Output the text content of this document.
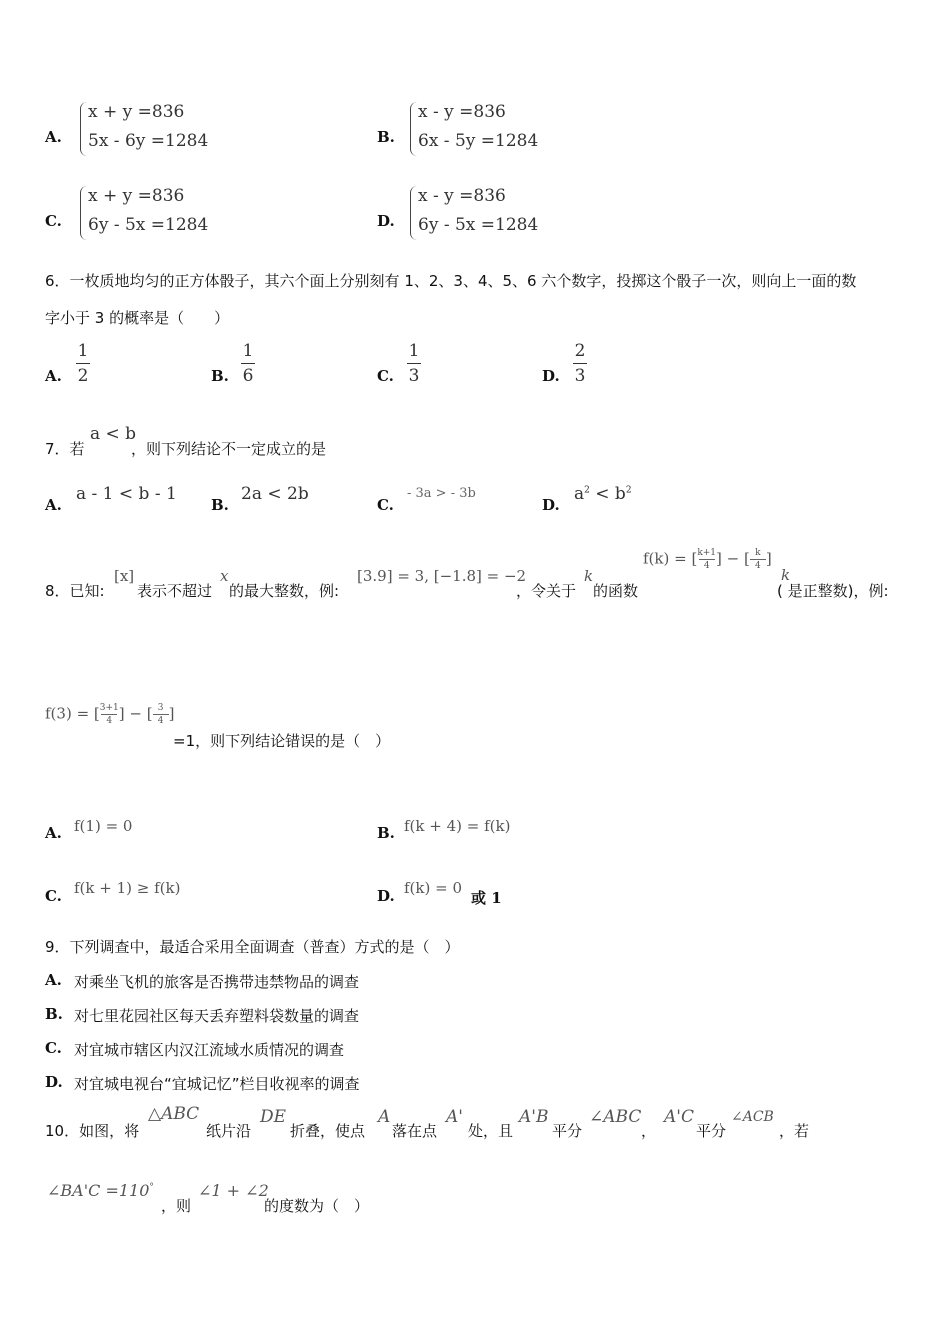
A.
x + y =836
5x - 6y =1284	B.
x - y =836
6x - 5y =1284
C.
x + y =836
6y - 5x =1284	D.
x - y =836
6y - 5x =1284
6．一枚质地均匀的正方体骰子，其六个面上分别刻有 1、2、3、4、5、6 六个数字，投掷这个骰子一次，则向上一面的数
字小于 3 的概率是（　　）
A.
1
2	B.
1
6	C.
1
3	D.
2
3
7．若
a < b
，则下列结论不一定成立的是
A.
a - 1 < b - 1
B.
2a < 2b
C.
- 3a > - 3b
D.
$a^2 < b^2$
8．已知:
[x]
表示不超过
x
的最大整数，例:
[3.9] = 3, [−1.8] = −2
，令关于
k
的函数
f(k) = [ $\frac{k+1}{4}$ ] − [ $\frac{k}{4}$ ]
k
( 是正整数)，例:
f(3) = [ $\frac{3+1}{4}$ ] − [ $\frac{3}{4}$ ]
=1，则下列结论错误的是（　）
A. f(1) = 0	B. f(k + 4) = f(k)
C. f(k + 1) ≥ f(k)	D. f(k) = 0
或 1
9．下列调查中，最适合采用全面调查（普查）方式的是（　）
A. 对乘坐飞机的旅客是否携带违禁物品的调查
B. 对七里花园社区每天丢弃塑料袋数量的调查
C. 对宜城市辖区内汉江流域水质情况的调查
D. 对宜城电视台“宜城记忆”栏目收视率的调查
10．如图，将
△ABC
纸片沿
DE
折叠，使点
A
落在点
A'
处，且
A'B
平分
∠ABC
，
A'C
平分
∠ACB
，若
∠BA'C =110°
，则
∠1 + ∠2
的度数为（　）
